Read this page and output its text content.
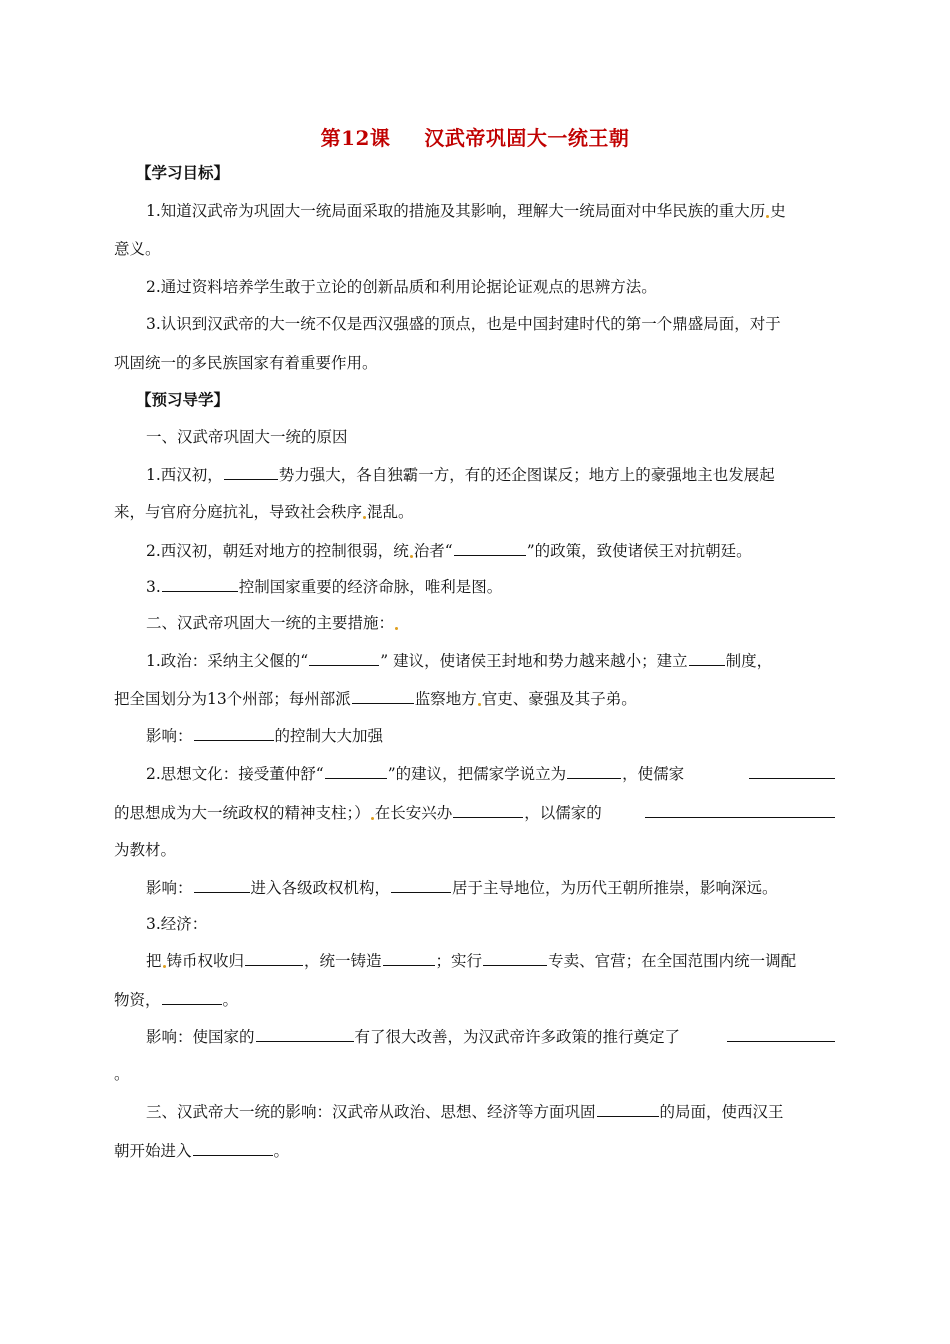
第12课 汉武帝巩固大一统王朝
【学习目标】
1.知道汉武帝为巩固大一统局面采取的措施及其影响，理解大一统局面对中华民族的重大历 史
意义。
2.通过资料培养学生敢于立论的创新品质和利用论据论证观点的思辨方法。
3.认识到汉武帝的大一统不仅是西汉强盛的顶点，也是中国封建时代的第一个鼎盛局面，对于
巩固统一的多民族国家有着重要作用。
【预习导学】
一、汉武帝巩固大一统的原因
1.西汉初，	势力强大，各自独霸一方，有的还企图谋反；地方上的豪强地主也发展起
来，与官府分庭抗礼，导致社会秩序 混乱。
2.西汉初，朝廷对地方的控制很弱，统 治者“	”的政策，致使诸侯王对抗朝廷。
3.	控制国家重要的经济命脉，唯利是图。
二、汉武帝巩固大一统的主要措施：
1.政治：采纳主父偃的“	” 建议，使诸侯王封地和势力越来越小；建立 制度，
把全国划分为13个州部；每州部派	监察地方 官吏、豪强及其子弟。
影响：	的控制大大加强
2.思想文化：接受董仲舒“	”的建议，把儒家学说立为	，使儒家
的思想成为大一统政权的精神支柱；） 在长安兴办	，以儒家的
为教材。
影响：	进入各级政权机构，	居于主导地位，为历代王朝所推崇，影响深远。
3.经济：
把 铸币权收归	，统一铸造	；实行	专卖、官营；在全国范围内统一调配
物资，	。
影响：使国家的	有了很大改善，为汉武帝许多政策的推行奠定了
。
三、汉武帝大一统的影响：汉武帝从政治、思想、经济等方面巩固	的局面，使西汉王
朝开始进入	。
